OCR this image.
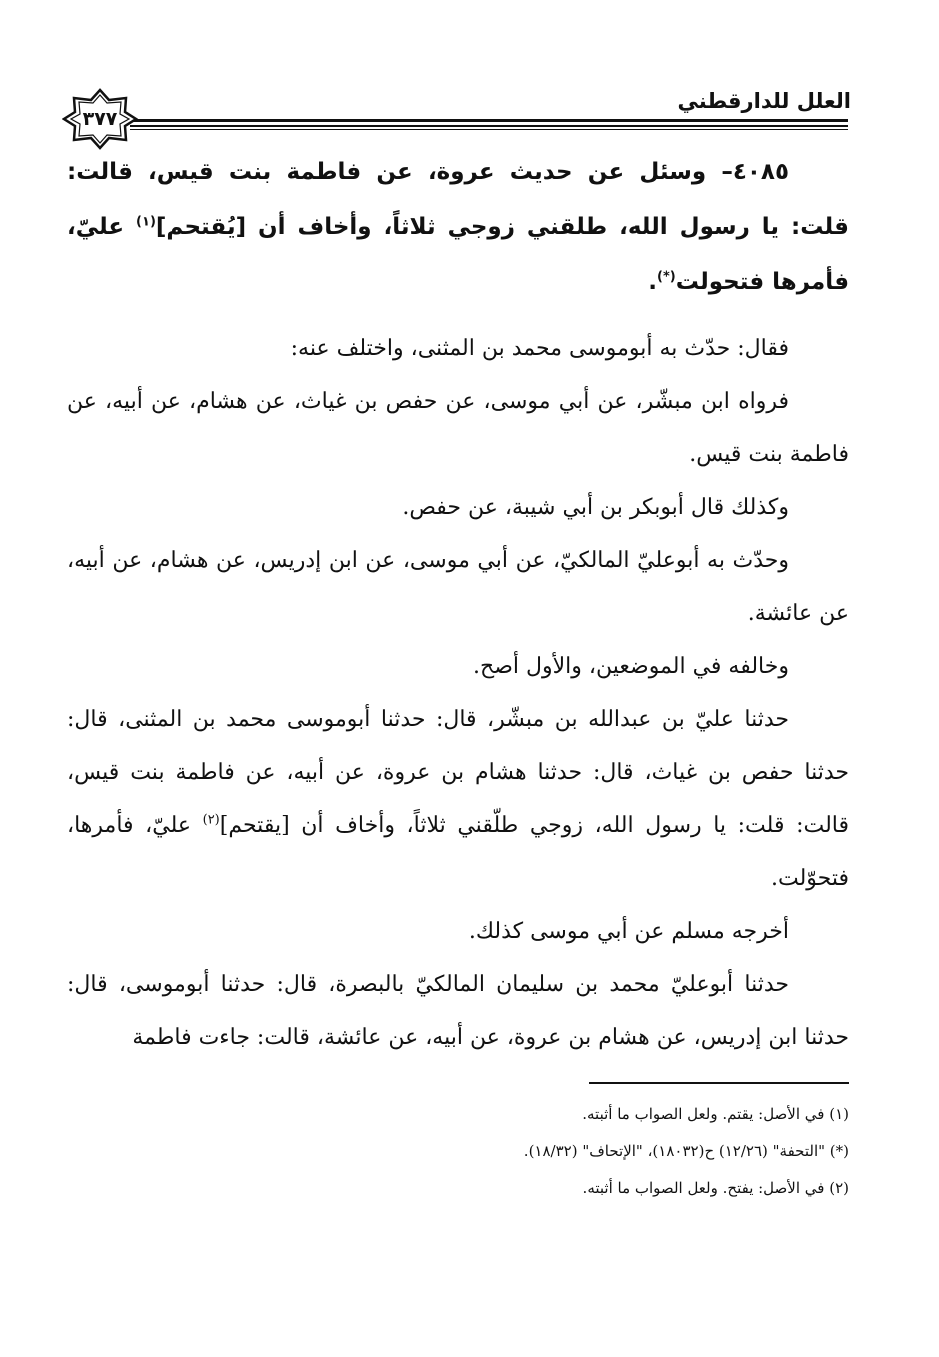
العلل للدارقطني
٣٧٧

٤٠٨٥– وسئل عن حديث عروة، عن فاطمة بنت قيس، قالت: قلت: يا رسول الله، طلقني زوجي ثلاثاً، وأخاف أن [يُقتحم]$^{(١)}$ عليّ، فأمرها فتحولت(*).

فقال: حدّث به أبوموسى محمد بن المثنى، واختلف عنه:

فرواه ابن مبشّر، عن أبي موسى، عن حفص بن غياث، عن هشام، عن أبيه، عن فاطمة بنت قيس.

وكذلك قال أبوبكر بن أبي شيبة، عن حفص.

وحدّث به أبوعليّ المالكيّ، عن أبي موسى، عن ابن إدريس، عن هشام، عن أبيه، عن عائشة.

وخالفه في الموضعين، والأول أصح.

حدثنا عليّ بن عبدالله بن مبشّر، قال: حدثنا أبوموسى محمد بن المثنى، قال: حدثنا حفص بن غياث، قال: حدثنا هشام بن عروة، عن أبيه، عن فاطمة بنت قيس، قالت: قلت: يا رسول الله، زوجي طلّقني ثلاثاً، وأخاف أن [يقتحم]$^{(٢)}$ عليّ، فأمرها، فتحوّلت.

أخرجه مسلم عن أبي موسى كذلك.

حدثنا أبوعليّ محمد بن سليمان المالكيّ بالبصرة، قال: حدثنا أبوموسى، قال: حدثنا ابن إدريس، عن هشام بن عروة، عن أبيه، عن عائشة، قالت: جاءت فاطمة

(١) في الأصل: يقتم. ولعل الصواب ما أثبته.

(*) "التحفة" (١٢/٢٦) ح(١٨٠٣٢)، "الإتحاف" (١٨/٣٢).

(٢) في الأصل: يفتح. ولعل الصواب ما أثبته.
